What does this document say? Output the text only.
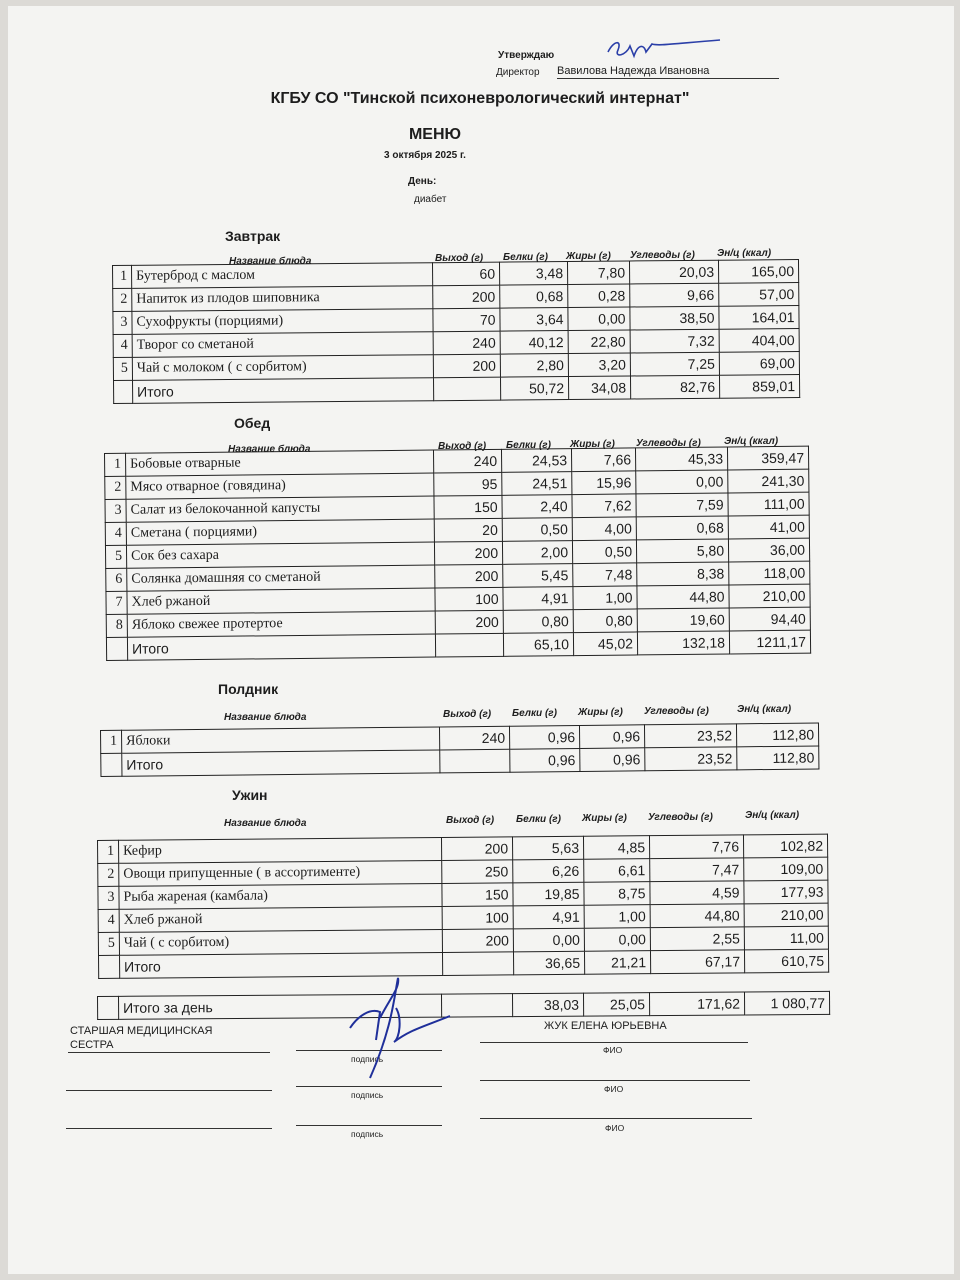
Утверждаю
Директор Вавилова Надежда Ивановна
КГБУ СО "Тинской психоневрологический интернат"
МЕНЮ
3 октября 2025 г.
День:
диабет
Завтрак
Название блюда	Выход (г) Белки (г) Жиры (г) Углеводы (г) Эн/ц (ккал)
1	Бутерброд с маслом	60	3,48	7,80	20,03	165,00
2	Напиток из плодов шиповника	200	0,68	0,28	9,66	57,00
3	Сухофрукты (порциями)	70	3,64	0,00	38,50	164,01
4	Творог со сметаной	240	40,12	22,80	7,32	404,00
5	Чай с молоком ( с сорбитом)	200	2,80	3,20	7,25	69,00
	Итого		50,72	34,08	82,76	859,01
Обед
Название блюда	Выход (г) Белки (г) Жиры (г) Углеводы (г) Эн/ц (ккал)
1	Бобовые отварные	240	24,53	7,66	45,33	359,47
2	Мясо отварное (говядина)	95	24,51	15,96	0,00	241,30
3	Салат из белокочанной капусты	150	2,40	7,62	7,59	111,00
4	Сметана ( порциями)	20	0,50	4,00	0,68	41,00
5	Сок без сахара	200	2,00	0,50	5,80	36,00
6	Солянка домашняя со сметаной	200	5,45	7,48	8,38	118,00
7	Хлеб ржаной	100	4,91	1,00	44,80	210,00
8	Яблоко свежее протертое	200	0,80	0,80	19,60	94,40
	Итого		65,10	45,02	132,18	1211,17
Полдник
Название блюда	Выход (г) Белки (г) Жиры (г) Углеводы (г)	Эн/ц (ккал)
1	Яблоки	240	0,96	0,96	23,52	112,80
	Итого		0,96	0,96	23,52	112,80
Ужин
Название блюда	Выход (г) Белки (г) Жиры (г) Углеводы (г)	Эн/ц (ккал)
1	Кефир	200	5,63	4,85	7,76	102,82
2	Овощи припущенные ( в ассортименте)	250	6,26	6,61	7,47	109,00
3	Рыба жареная (камбала)	150	19,85	8,75	4,59	177,93
4	Хлеб ржаной	100	4,91	1,00	44,80	210,00
5	Чай ( с сорбитом)	200	0,00	0,00	2,55	11,00
	Итого		36,65	21,21	67,17	610,75
	Итого за день		38,03	25,05	171,62	1 080,77
СТАРШАЯ МЕДИЦИНСКАЯ СЕСТРА
подпись
ЖУК ЕЛЕНА ЮРЬЕВНА
ФИО
подпись
ФИО
подпись
ФИО
